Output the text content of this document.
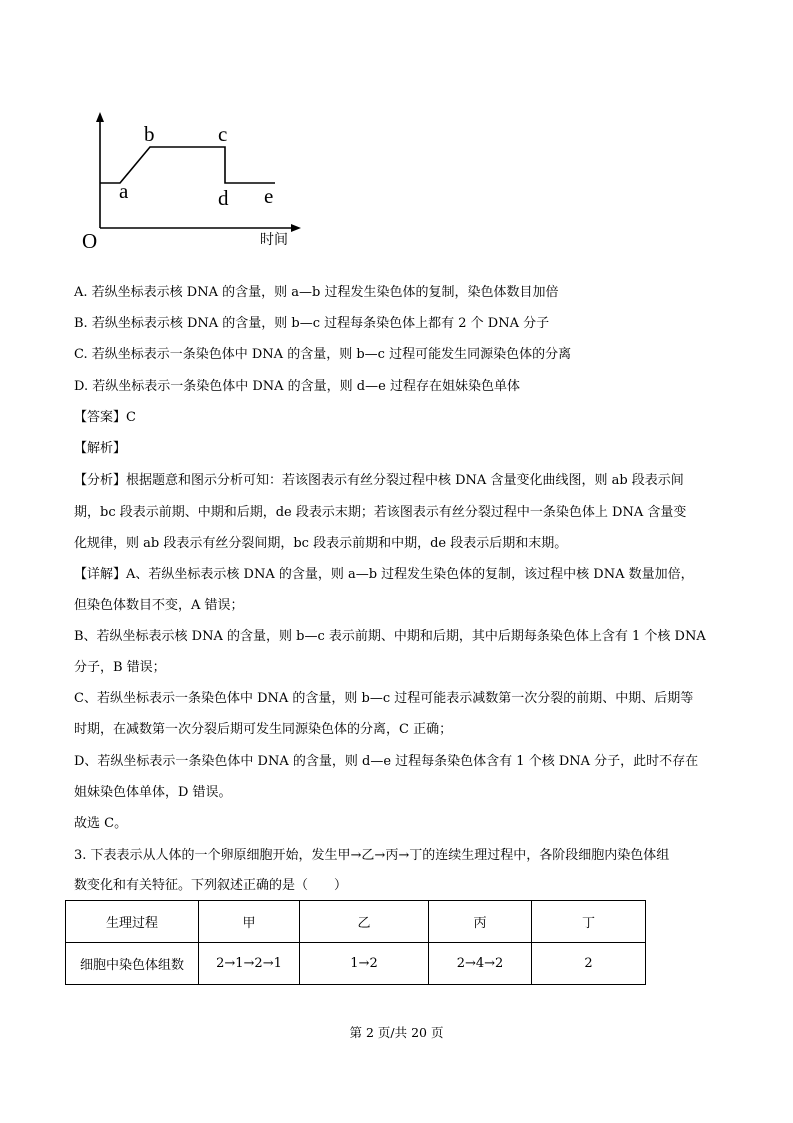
O
a
b	c
d e
时间
A. 若纵坐标表示核 DNA 的含量，则 a—b 过程发生染色体的复制，染色体数目加倍
B. 若纵坐标表示核 DNA 的含量，则 b—c 过程每条染色体上都有 2 个 DNA 分子
C. 若纵坐标表示一条染色体中 DNA 的含量，则 b—c 过程可能发生同源染色体的分离
D. 若纵坐标表示一条染色体中 DNA 的含量，则 d—e 过程存在姐妹染色单体
【答案】C
【解析】
【分析】根据题意和图示分析可知：若该图表示有丝分裂过程中核 DNA 含量变化曲线图，则 ab 段表示间
期，bc 段表示前期、中期和后期，de 段表示末期；若该图表示有丝分裂过程中一条染色体上 DNA 含量变
化规律，则 ab 段表示有丝分裂间期，bc 段表示前期和中期，de 段表示后期和末期。
【详解】A、若纵坐标表示核 DNA 的含量，则 a—b 过程发生染色体的复制，该过程中核 DNA 数量加倍，
但染色体数目不变，A 错误；
B、若纵坐标表示核 DNA 的含量，则 b—c 表示前期、中期和后期，其中后期每条染色体上含有 1 个核 DNA
分子，B 错误；
C、若纵坐标表示一条染色体中 DNA 的含量，则 b—c 过程可能表示减数第一次分裂的前期、中期、后期等
时期，在减数第一次分裂后期可发生同源染色体的分离，C 正确；
D、若纵坐标表示一条染色体中 DNA 的含量，则 d—e 过程每条染色体含有 1 个核 DNA 分子，此时不存在
姐妹染色体单体，D 错误。
故选 C。
3. 下表表示从人体的一个卵原细胞开始，发生甲→乙→丙→丁的连续生理过程中，各阶段细胞内染色体组
数变化和有关特征。下列叙述正确的是（　　）
生理过程	甲	乙	丙	丁
细胞中染色体组数	2→1→2→1	1→2	2→4→2	2
第 2 页/共 20 页
